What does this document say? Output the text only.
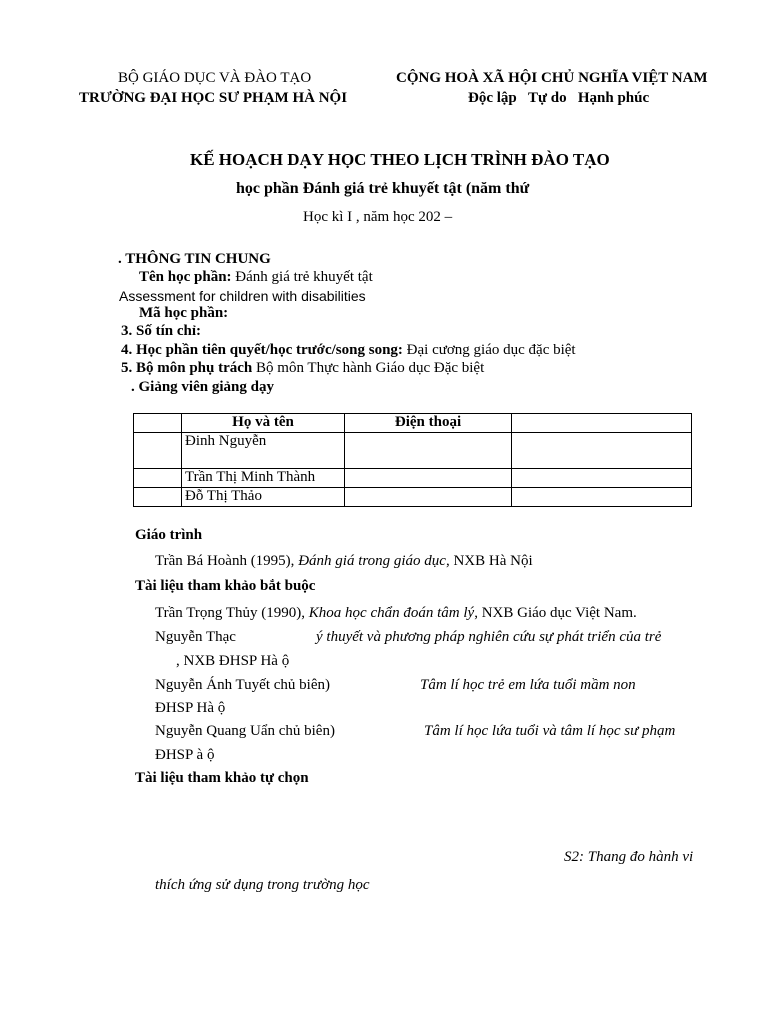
BỘ GIÁO DỤC VÀ ĐÀO TẠO
TRƯỜNG ĐẠI HỌC SƯ PHẠM HÀ NỘI
CỘNG HOÀ XÃ HỘI CHỦ NGHĨA VIỆT NAM
Độc lập Tự do Hạnh phúc
KẾ HOẠCH DẠY HỌC THEO LỊCH TRÌNH ĐÀO TẠO
học phần Đánh giá trẻ khuyết tật (năm thứ
Học kì I , năm học 202 –
. THÔNG TIN CHUNG
Tên học phần: Đánh giá trẻ khuyết tật
Assessment for children with disabilities
Mã học phần:
3. Số tín chỉ:
4. Học phần tiên quyết/học trước/song song: Đại cương giáo dục đặc biệt
5. Bộ môn phụ trách Bộ môn Thực hành Giáo dục Đặc biệt
. Giảng viên giảng dạy
	Họ và tên	Điện thoại	
	Đinh Nguyễn		
	Trần Thị Minh Thành		
	Đỗ Thị Thảo		
Giáo trình
Trần Bá Hoành (1995), Đánh giá trong giáo dục, NXB Hà Nội
Tài liệu tham khảo bắt buộc
Trần Trọng Thủy (1990), Khoa học chẩn đoán tâm lý, NXB Giáo dục Việt Nam.
Nguyễn Thạc	ý thuyết và phương pháp nghiên cứu sự phát triển của trẻ
, NXB ĐHSP Hà ộ
Nguyễn Ánh Tuyết chủ biên)	Tâm lí học trẻ em lứa tuổi mầm non
ĐHSP Hà ộ
Nguyễn Quang Uẩn chủ biên)	Tâm lí học lứa tuổi và tâm lí học sư phạm
ĐHSP à ộ
Tài liệu tham khảo tự chọn
S2: Thang đo hành vi
thích ứng sử dụng trong trường học
